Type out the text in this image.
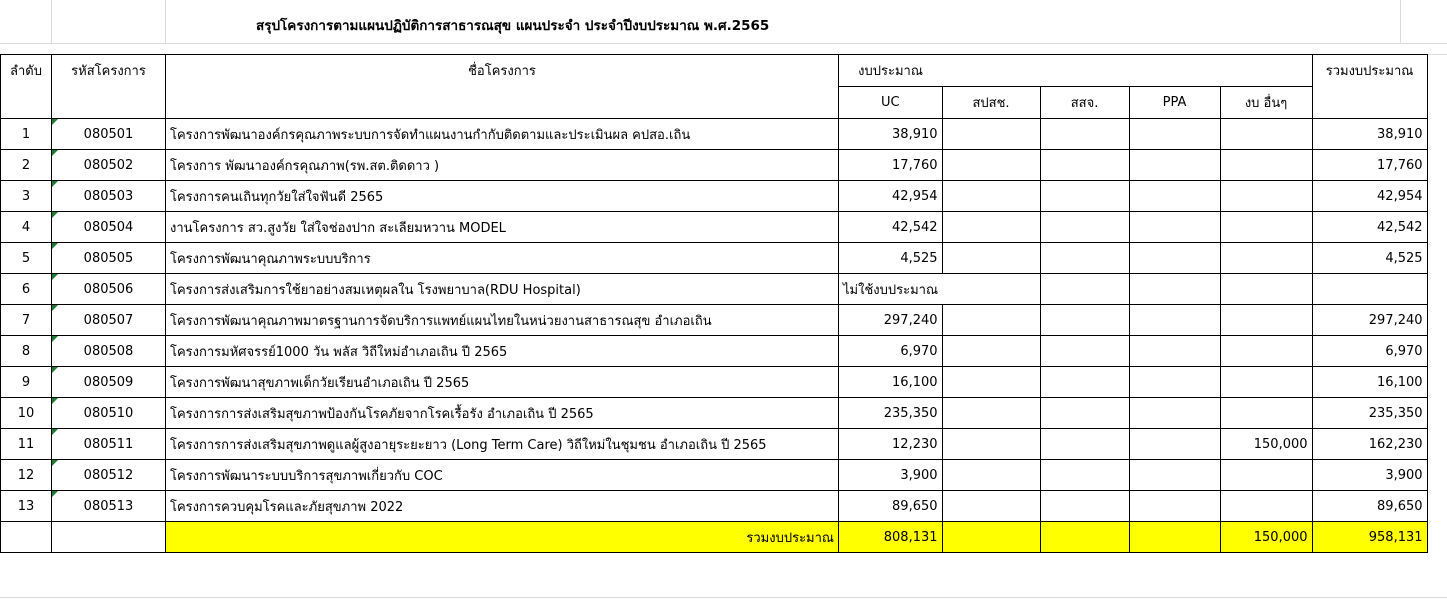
สรุปโครงการตามแผนปฏิบัติการสาธารณสุข แผนประจำ ประจำปีงบประมาณ พ.ศ.2565
ลำดับ	รหัสโครงการ	ชื่อโครงการ	งบประมาณ					รวมงบประมาณ
			UC	สปสช.	สสจ.	PPA	งบ อื่นๆ	
1	080501	โครงการพัฒนาองค์กรคุณภาพระบบการจัดทำแผนงานกำกับติดตามและประเมินผล คปสอ.เถิน	38,910					38,910
2	080502	โครงการ พัฒนาองค์กรคุณภาพ(รพ.สต.ติดดาว )	17,760					17,760
3	080503	โครงการคนเถินทุกวัยใส่ใจฟันดี 2565	42,954					42,954
4	080504	งานโครงการ สว.สูงวัย ใส่ใจช่องปาก สะเลียมหวาน MODEL	42,542					42,542
5	080505	โครงการพัฒนาคุณภาพระบบบริการ	4,525					4,525
6	080506	โครงการส่งเสริมการใช้ยาอย่างสมเหตุผลใน โรงพยาบาล(RDU Hospital)	ไม่ใช้งบประมาณ					
7	080507	โครงการพัฒนาคุณภาพมาตรฐานการจัดบริการแพทย์แผนไทยในหน่วยงานสาธารณสุข อำเภอเถิน	297,240					297,240
8	080508	โครงการมหัศจรรย์1000 วัน พลัส วิถีใหม่อำเภอเถิน ปี 2565	6,970					6,970
9	080509	โครงการพัฒนาสุขภาพเด็กวัยเรียนอำเภอเถิน ปี 2565	16,100					16,100
10	080510	โครงการการส่งเสริมสุขภาพป้องกันโรคภัยจากโรคเรื้อรัง อำเภอเถิน ปี 2565	235,350					235,350
11	080511	โครงการการส่งเสริมสุขภาพดูแลผู้สูงอายุระยะยาว (Long Term Care) วิถีใหม่ในชุมชน อำเภอเถิน ปี 2565	12,230				150,000	162,230
12	080512	โครงการพัฒนาระบบบริการสุขภาพเกี่ยวกับ COC	3,900					3,900
13	080513	โครงการควบคุมโรคและภัยสุขภาพ 2022	89,650					89,650
		รวมงบประมาณ	808,131				150,000	958,131
